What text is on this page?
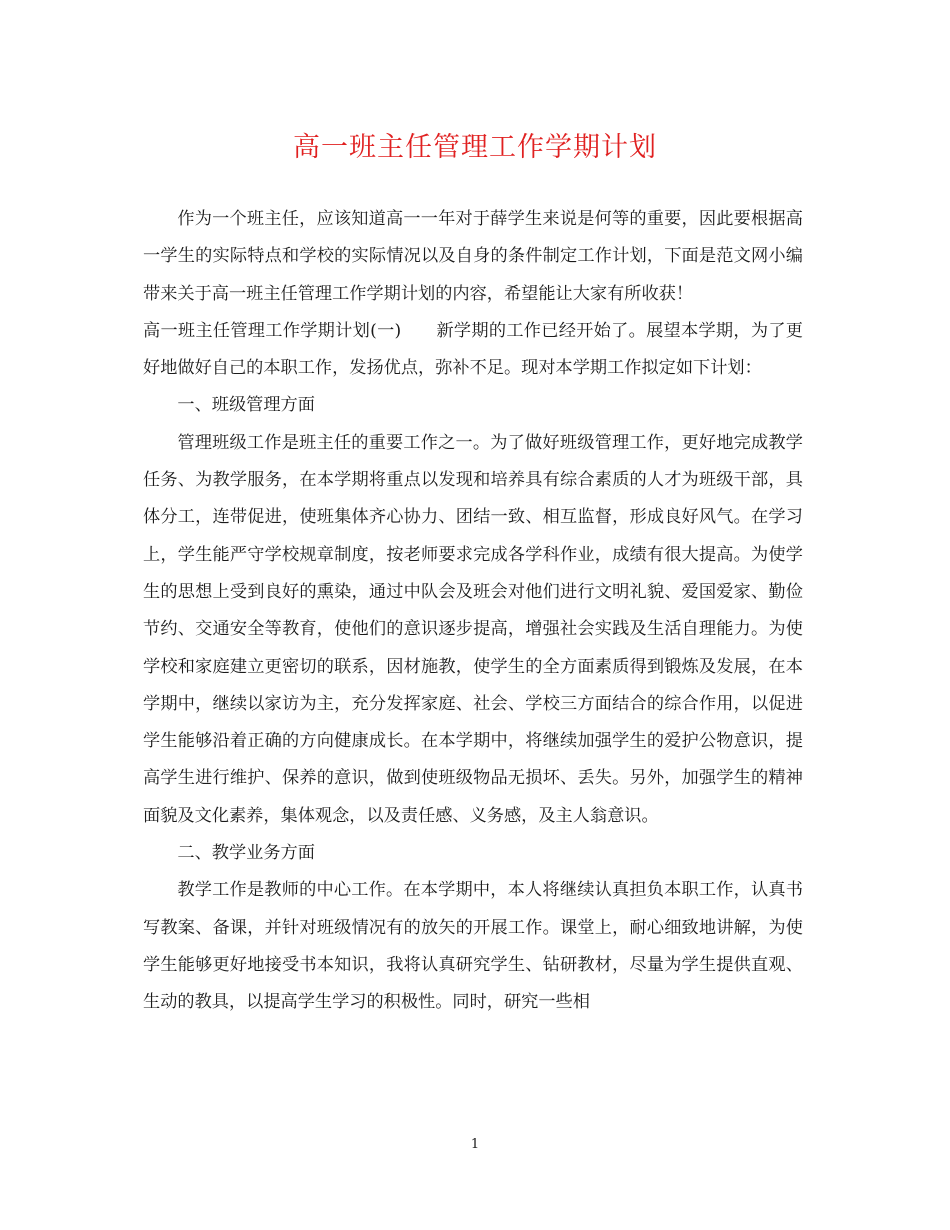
高一班主任管理工作学期计划

作为一个班主任，应该知道高一一年对于薛学生来说是何等的重要，因此要根据高一学生的实际特点和学校的实际情况以及自身的条件制定工作计划，下面是范文网小编带来关于高一班主任管理工作学期计划的内容，希望能让大家有所收获！

高一班主任管理工作学期计划(一)　　新学期的工作已经开始了。展望本学期，为了更好地做好自己的本职工作，发扬优点，弥补不足。现对本学期工作拟定如下计划：

一、班级管理方面

管理班级工作是班主任的重要工作之一。为了做好班级管理工作，更好地完成教学任务、为教学服务，在本学期将重点以发现和培养具有综合素质的人才为班级干部，具体分工，连带促进，使班集体齐心协力、团结一致、相互监督，形成良好风气。在学习上，学生能严守学校规章制度，按老师要求完成各学科作业，成绩有很大提高。为使学生的思想上受到良好的熏染，通过中队会及班会对他们进行文明礼貌、爱国爱家、勤俭节约、交通安全等教育，使他们的意识逐步提高，增强社会实践及生活自理能力。为使学校和家庭建立更密切的联系，因材施教，使学生的全方面素质得到锻炼及发展，在本学期中，继续以家访为主，充分发挥家庭、社会、学校三方面结合的综合作用，以促进学生能够沿着正确的方向健康成长。在本学期中，将继续加强学生的爱护公物意识，提高学生进行维护、保养的意识，做到使班级物品无损坏、丢失。另外，加强学生的精神面貌及文化素养，集体观念，以及责任感、义务感，及主人翁意识。

二、教学业务方面

教学工作是教师的中心工作。在本学期中，本人将继续认真担负本职工作，认真书写教案、备课，并针对班级情况有的放矢的开展工作。课堂上，耐心细致地讲解，为使学生能够更好地接受书本知识，我将认真研究学生、钻研教材，尽量为学生提供直观、生动的教具，以提高学生学习的积极性。同时，研究一些相

1
